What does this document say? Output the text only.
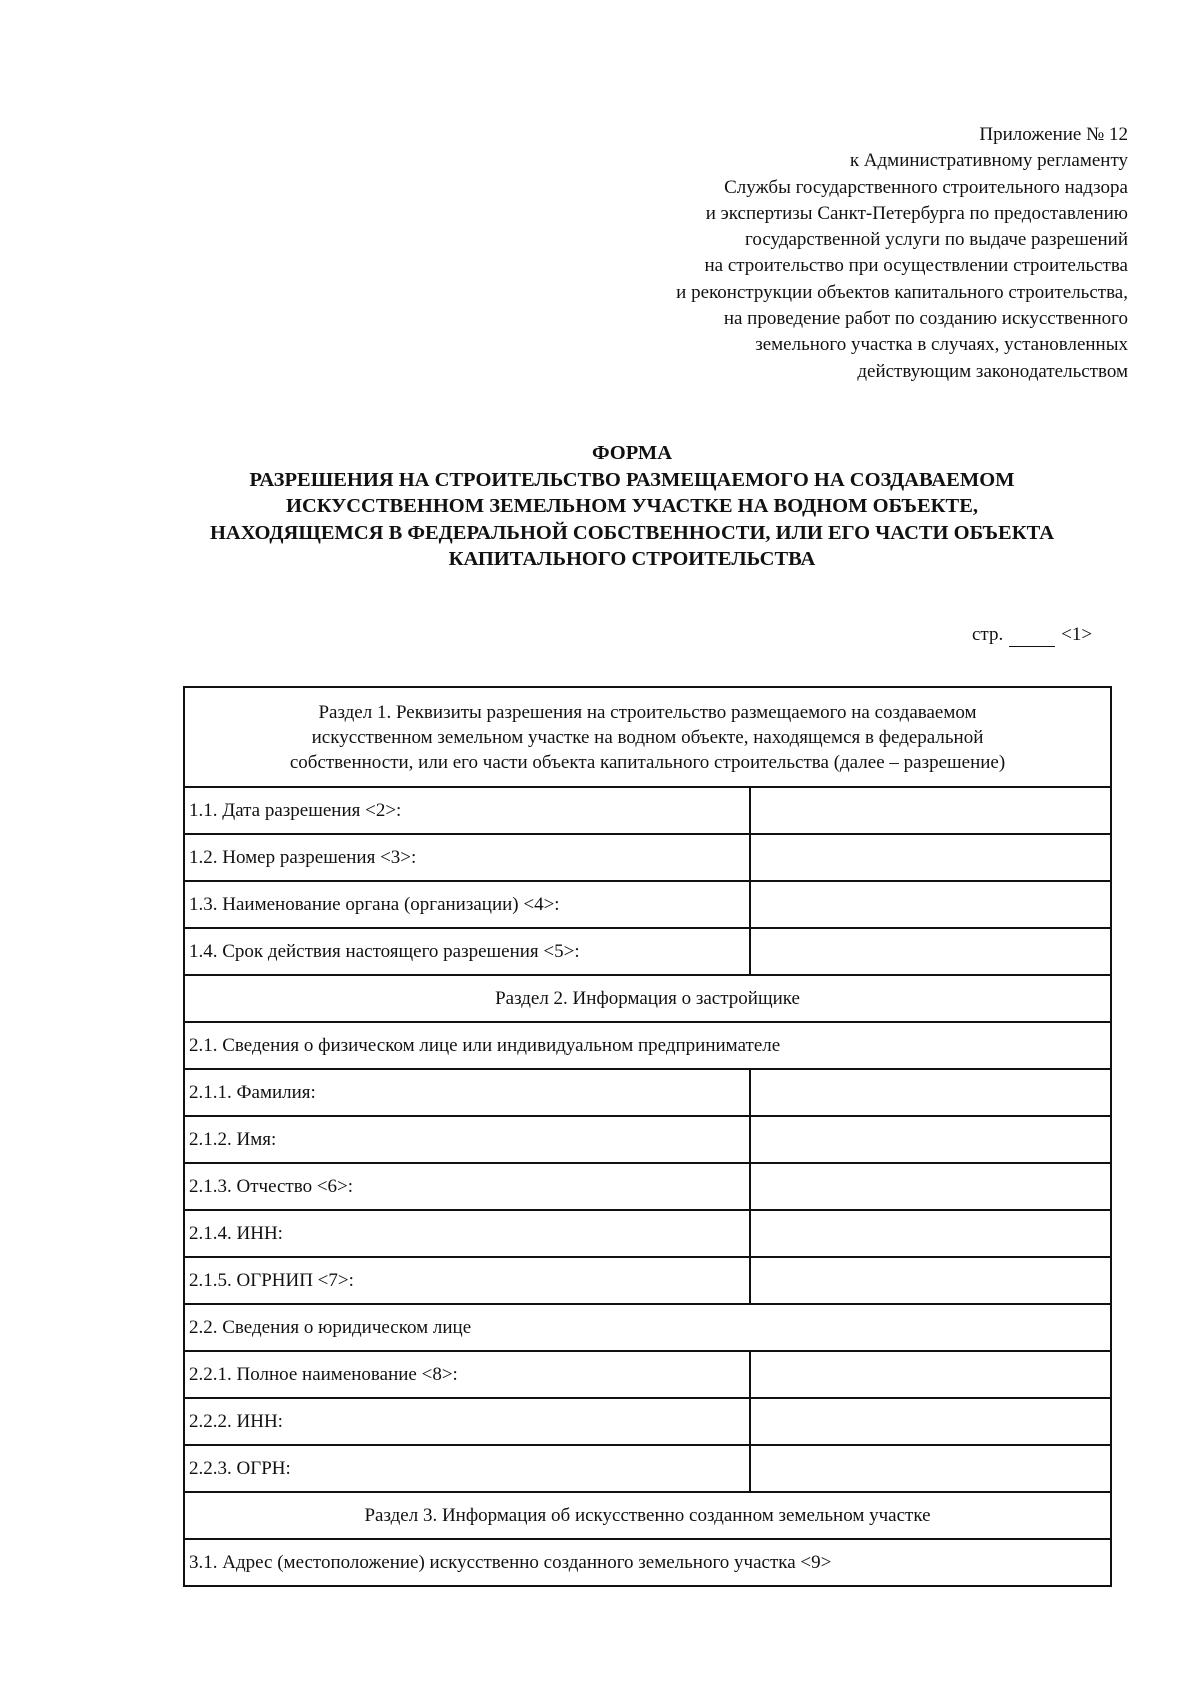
Приложение № 12
к Административному регламенту
Службы государственного строительного надзора
и экспертизы Санкт-Петербурга по предоставлению
государственной услуги по выдаче разрешений
на строительство при осуществлении строительства
и реконструкции объектов капитального строительства,
на проведение работ по созданию искусственного
земельного участка в случаях, установленных
действующим законодательством
ФОРМА
РАЗРЕШЕНИЯ НА СТРОИТЕЛЬСТВО РАЗМЕЩАЕМОГО НА СОЗДАВАЕМОМ
ИСКУССТВЕННОМ ЗЕМЕЛЬНОМ УЧАСТКЕ НА ВОДНОМ ОБЪЕКТЕ,
НАХОДЯЩЕМСЯ В ФЕДЕРАЛЬНОЙ СОБСТВЕННОСТИ, ИЛИ ЕГО ЧАСТИ ОБЪЕКТА
КАПИТАЛЬНОГО СТРОИТЕЛЬСТВА
стр.	<1>
Раздел 1. Реквизиты разрешения на строительство размещаемого на создаваемом
искусственном земельном участке на водном объекте, находящемся в федеральной
собственности, или его части объекта капитального строительства (далее – разрешение)	

1.1. Дата разрешения <2>:	
1.2. Номер разрешения <3>:	
1.3. Наименование органа (организации) <4>:	
1.4. Срок действия настоящего разрешения <5>:	
Раздел 2. Информация о застройщике	
2.1. Сведения о физическом лице или индивидуальном предпринимателе	
2.1.1. Фамилия:	
2.1.2. Имя:	
2.1.3. Отчество <6>:	
2.1.4. ИНН:	
2.1.5. ОГРНИП <7>:	
2.2. Сведения о юридическом лице	
2.2.1. Полное наименование <8>:	
2.2.2. ИНН:	
2.2.3. ОГРН:	
Раздел 3. Информация об искусственно созданном земельном участке	
3.1. Адрес (местоположение) искусственно созданного земельного участка <9>	
